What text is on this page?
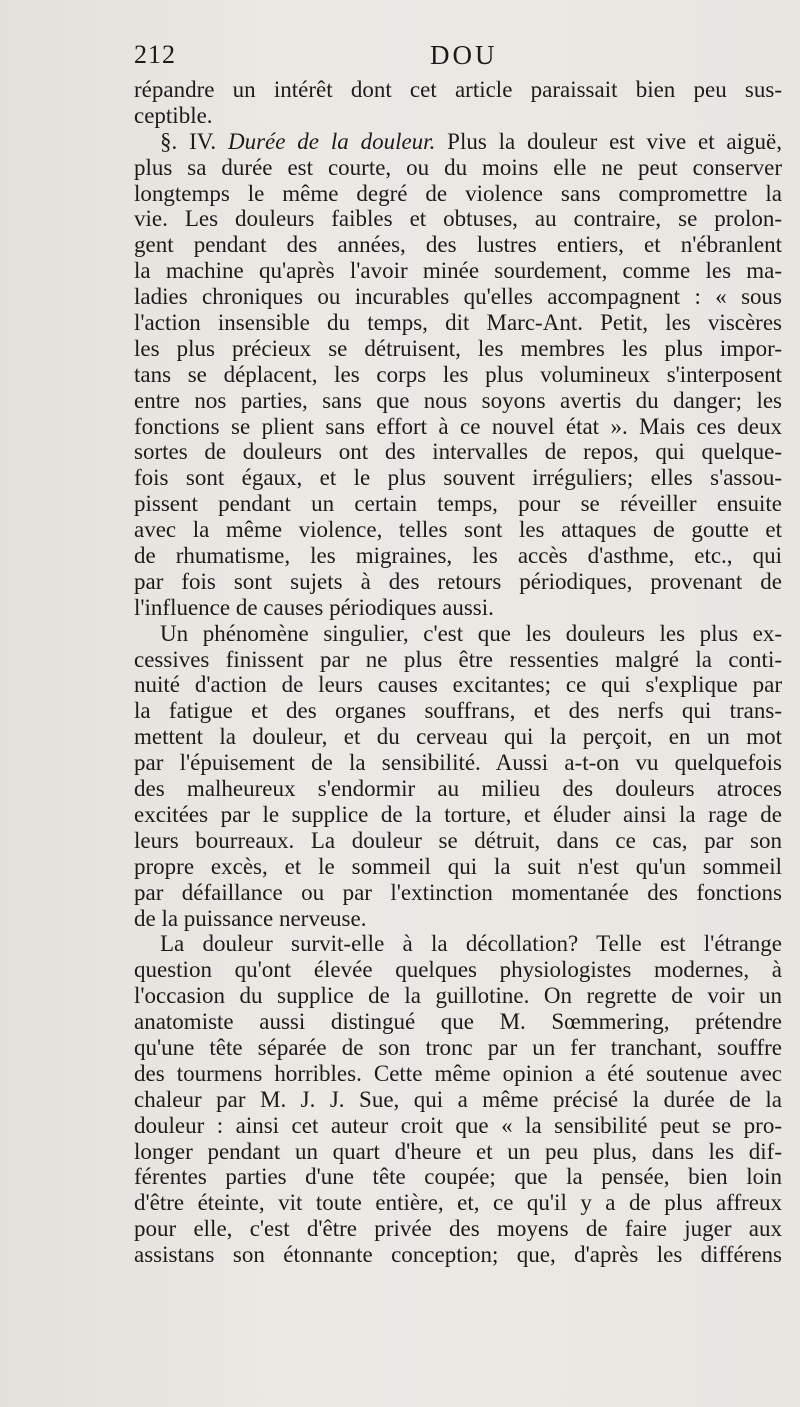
212	DOU
répandre un intérêt dont cet article paraissait bien peu sus-
ceptible.
§. IV. Durée de la douleur. Plus la douleur est vive et aiguë,
plus sa durée est courte, ou du moins elle ne peut conserver
longtemps le même degré de violence sans compromettre la
vie. Les douleurs faibles et obtuses, au contraire, se prolon-
gent pendant des années, des lustres entiers, et n'ébranlent
la machine qu'après l'avoir minée sourdement, comme les ma-
ladies chroniques ou incurables qu'elles accompagnent : « sous
l'action insensible du temps, dit Marc-Ant. Petit, les viscères
les plus précieux se détruisent, les membres les plus impor-
tans se déplacent, les corps les plus volumineux s'interposent
entre nos parties, sans que nous soyons avertis du danger; les
fonctions se plient sans effort à ce nouvel état ». Mais ces deux
sortes de douleurs ont des intervalles de repos, qui quelque-
fois sont égaux, et le plus souvent irréguliers; elles s'assou-
pissent pendant un certain temps, pour se réveiller ensuite
avec la même violence, telles sont les attaques de goutte et
de rhumatisme, les migraines, les accès d'asthme, etc., qui
par fois sont sujets à des retours périodiques, provenant de
l'influence de causes périodiques aussi.
Un phénomène singulier, c'est que les douleurs les plus ex-
cessives finissent par ne plus être ressenties malgré la conti-
nuité d'action de leurs causes excitantes; ce qui s'explique par
la fatigue et des organes souffrans, et des nerfs qui trans-
mettent la douleur, et du cerveau qui la perçoit, en un mot
par l'épuisement de la sensibilité. Aussi a-t-on vu quelquefois
des malheureux s'endormir au milieu des douleurs atroces
excitées par le supplice de la torture, et éluder ainsi la rage de
leurs bourreaux. La douleur se détruit, dans ce cas, par son
propre excès, et le sommeil qui la suit n'est qu'un sommeil
par défaillance ou par l'extinction momentanée des fonctions
de la puissance nerveuse.
La douleur survit-elle à la décollation? Telle est l'étrange
question qu'ont élevée quelques physiologistes modernes, à
l'occasion du supplice de la guillotine. On regrette de voir un
anatomiste aussi distingué que M. Sœmmering, prétendre
qu'une tête séparée de son tronc par un fer tranchant, souffre
des tourmens horribles. Cette même opinion a été soutenue avec
chaleur par M. J. J. Sue, qui a même précisé la durée de la
douleur : ainsi cet auteur croit que « la sensibilité peut se pro-
longer pendant un quart d'heure et un peu plus, dans les dif-
férentes parties d'une tête coupée; que la pensée, bien loin
d'être éteinte, vit toute entière, et, ce qu'il y a de plus affreux
pour elle, c'est d'être privée des moyens de faire juger aux
assistans son étonnante conception; que, d'après les différens
